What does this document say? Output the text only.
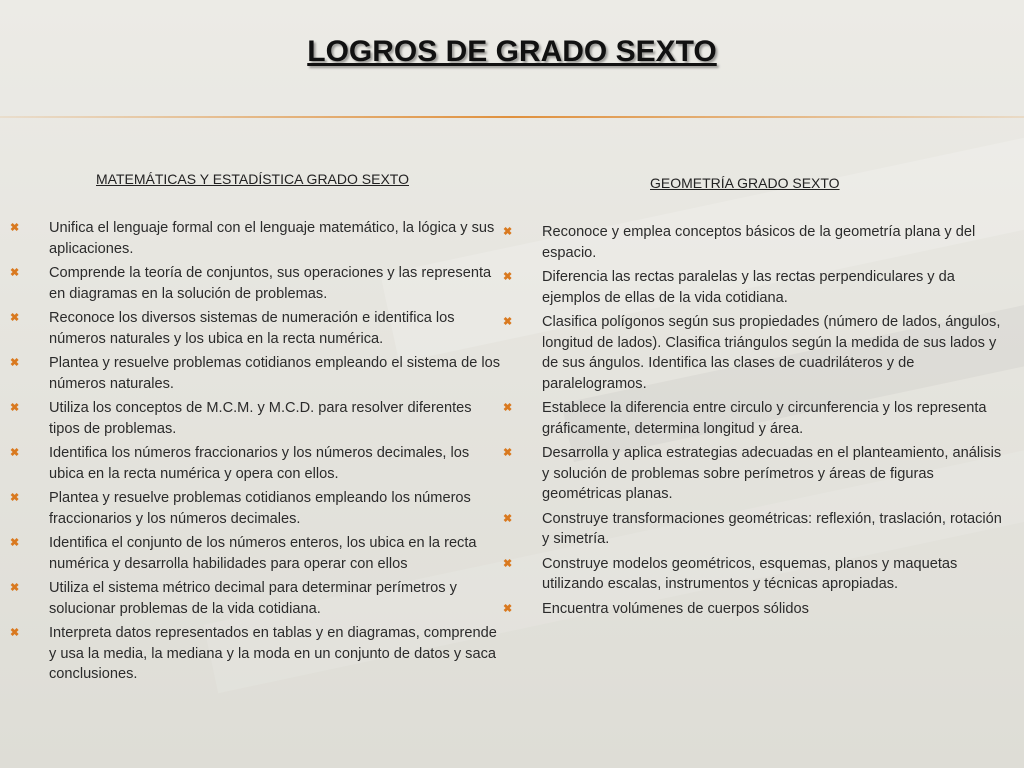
LOGROS DE GRADO SEXTO
MATEMÁTICAS Y ESTADÍSTICA GRADO SEXTO
✖ Unifica el lenguaje formal con el lenguaje matemático, la lógica y sus aplicaciones.
✖ Comprende la teoría de conjuntos, sus operaciones y las representa en diagramas en la solución de problemas.
✖ Reconoce los diversos sistemas de numeración e identifica los números naturales y los ubica en la recta numérica.
✖ Plantea y resuelve problemas cotidianos empleando el sistema de los números naturales.
✖ Utiliza los conceptos de M.C.M. y M.C.D. para resolver diferentes tipos de problemas.
✖ Identifica los números fraccionarios y los números decimales, los ubica en la recta numérica y opera con ellos.
✖ Plantea y resuelve problemas cotidianos empleando los números fraccionarios y los números decimales.
✖ Identifica el conjunto de los números enteros, los ubica en la recta numérica y desarrolla habilidades para operar con ellos
✖ Utiliza el sistema métrico decimal para determinar perímetros y solucionar problemas de la vida cotidiana.
✖ Interpreta datos representados en tablas y en diagramas, comprende y usa la media, la mediana y la moda en un conjunto de datos y saca conclusiones.
GEOMETRÍA GRADO SEXTO
✖ Reconoce y emplea conceptos básicos de la geometría plana y del espacio.
✖ Diferencia las rectas paralelas y las rectas perpendiculares y da ejemplos de ellas de la vida cotidiana.
✖ Clasifica polígonos según sus propiedades (número de lados, ángulos, longitud de lados). Clasifica triángulos según la medida de sus lados y de sus ángulos. Identifica las clases de cuadriláteros y de paralelogramos.
✖ Establece la diferencia entre circulo y circunferencia y los representa gráficamente, determina longitud y área.
✖ Desarrolla y aplica estrategias adecuadas en el planteamiento, análisis y solución de problemas sobre perímetros y áreas de figuras geométricas planas.
✖ Construye transformaciones geométricas: reflexión, traslación, rotación y simetría.
✖ Construye modelos geométricos, esquemas, planos y maquetas utilizando escalas, instrumentos y técnicas apropiadas.
✖ Encuentra volúmenes de cuerpos sólidos
